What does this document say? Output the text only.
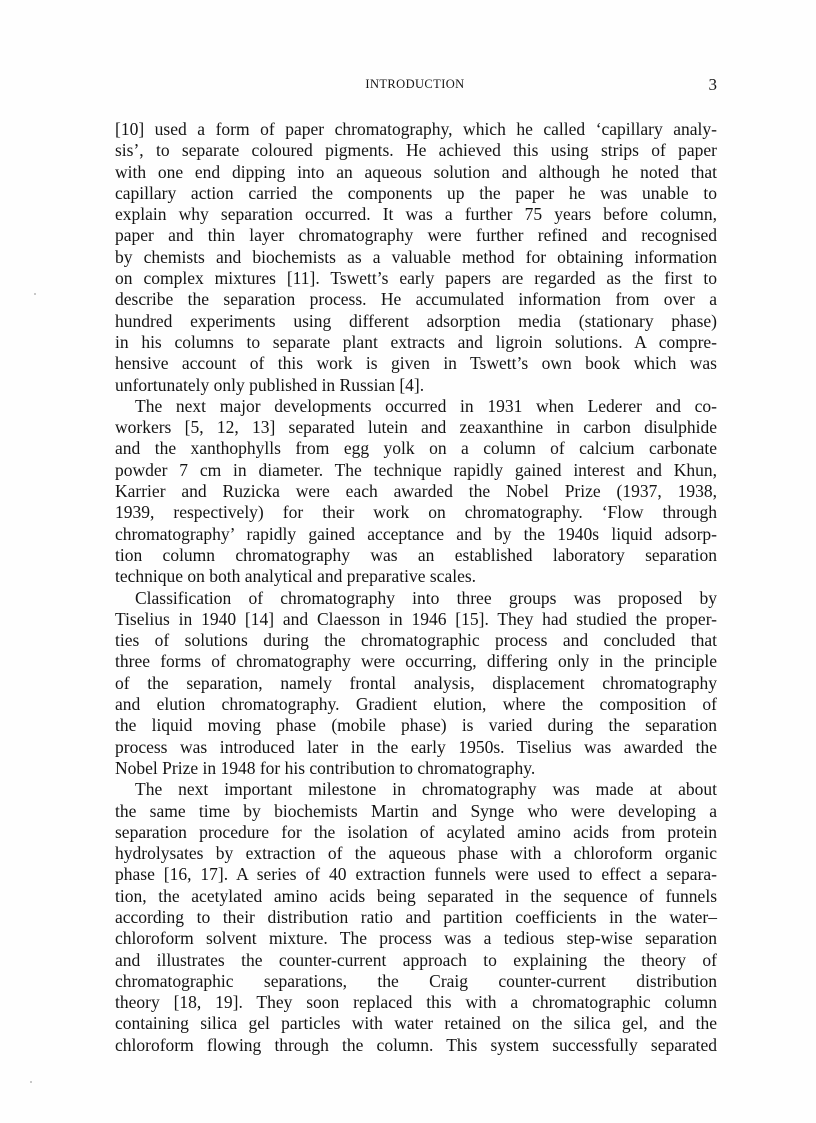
INTRODUCTION	3
[10] used a form of paper chromatography, which he called ‘capillary analy-
sis’, to separate coloured pigments. He achieved this using strips of paper
with one end dipping into an aqueous solution and although he noted that
capillary action carried the components up the paper he was unable to
explain why separation occurred. It was a further 75 years before column,
paper and thin layer chromatography were further refined and recognised
by chemists and biochemists as a valuable method for obtaining information
on complex mixtures [11]. Tswett’s early papers are regarded as the first to
describe the separation process. He accumulated information from over a
hundred experiments using different adsorption media (stationary phase)
in his columns to separate plant extracts and ligroin solutions. A compre-
hensive account of this work is given in Tswett’s own book which was
unfortunately only published in Russian [4].
The next major developments occurred in 1931 when Lederer and co-
workers [5, 12, 13] separated lutein and zeaxanthine in carbon disulphide
and the xanthophylls from egg yolk on a column of calcium carbonate
powder 7 cm in diameter. The technique rapidly gained interest and Khun,
Karrier and Ruzicka were each awarded the Nobel Prize (1937, 1938,
1939, respectively) for their work on chromatography. ‘Flow through
chromatography’ rapidly gained acceptance and by the 1940s liquid adsorp-
tion column chromatography was an established laboratory separation
technique on both analytical and preparative scales.
Classification of chromatography into three groups was proposed by
Tiselius in 1940 [14] and Claesson in 1946 [15]. They had studied the proper-
ties of solutions during the chromatographic process and concluded that
three forms of chromatography were occurring, differing only in the principle
of the separation, namely frontal analysis, displacement chromatography
and elution chromatography. Gradient elution, where the composition of
the liquid moving phase (mobile phase) is varied during the separation
process was introduced later in the early 1950s. Tiselius was awarded the
Nobel Prize in 1948 for his contribution to chromatography.
The next important milestone in chromatography was made at about
the same time by biochemists Martin and Synge who were developing a
separation procedure for the isolation of acylated amino acids from protein
hydrolysates by extraction of the aqueous phase with a chloroform organic
phase [16, 17]. A series of 40 extraction funnels were used to effect a separa-
tion, the acetylated amino acids being separated in the sequence of funnels
according to their distribution ratio and partition coefficients in the water–
chloroform solvent mixture. The process was a tedious step-wise separation
and illustrates the counter-current approach to explaining the theory of
chromatographic separations, the Craig counter-current distribution
theory [18, 19]. They soon replaced this with a chromatographic column
containing silica gel particles with water retained on the silica gel, and the
chloroform flowing through the column. This system successfully separated
